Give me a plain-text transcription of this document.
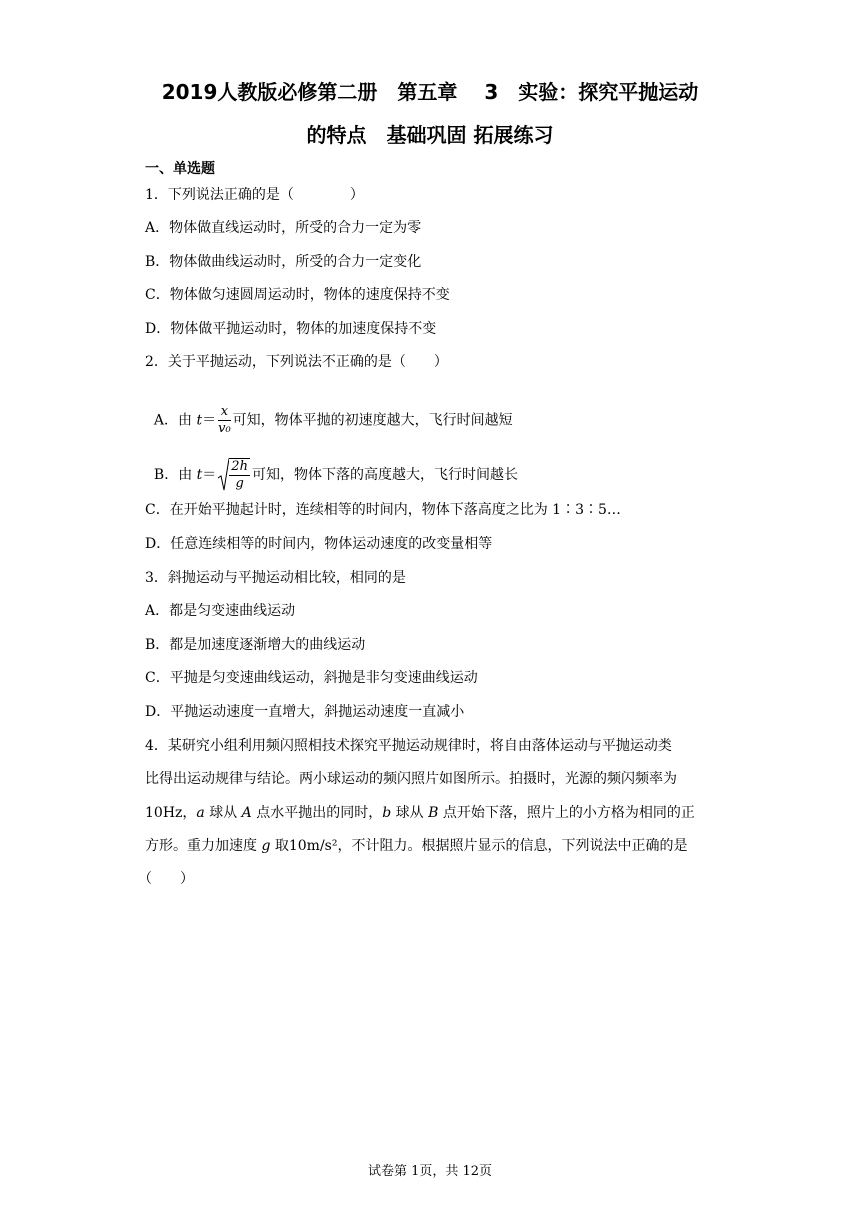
2019人教版必修第二册　第五章　 3　实验：探究平抛运动
的特点　基础巩固 拓展练习
一、单选题
1．下列说法正确的是（　　　　）
A．物体做直线运动时，所受的合力一定为零
B．物体做曲线运动时，所受的合力一定变化
C．物体做匀速圆周运动时，物体的速度保持不变
D．物体做平抛运动时，物体的加速度保持不变
2．关于平抛运动，下列说法不正确的是（　　）

A．由 $t= \frac{x}{\text{v₀}}$ 可知，物体平抛的初速度越大，飞行时间越短

B．由 $t= \frac{2h}{g}$ 可知，物体下落的高度越大，飞行时间越长

C．在开始平抛起计时，连续相等的时间内，物体下落高度之比为 1∶3∶5…
D．任意连续相等的时间内，物体运动速度的改变量相等
3．斜抛运动与平抛运动相比较，相同的是
A．都是匀变速曲线运动
B．都是加速度逐渐增大的曲线运动
C．平抛是匀变速曲线运动，斜抛是非匀变速曲线运动
D．平抛运动速度一直增大，斜抛运动速度一直减小
4．某研究小组利用频闪照相技术探究平抛运动规律时，将自由落体运动与平抛运动类
比得出运动规律与结论。两小球运动的频闪照片如图所示。拍摄时，光源的频闪频率为
10Hz，a 球从 A 点水平抛出的同时，b 球从 B 点开始下落，照片上的小方格为相同的正
方形。重力加速度 g 取10m/s²，不计阻力。根据照片显示的信息，下列说法中正确的是
（　　）
试卷第 1页，共 12页
